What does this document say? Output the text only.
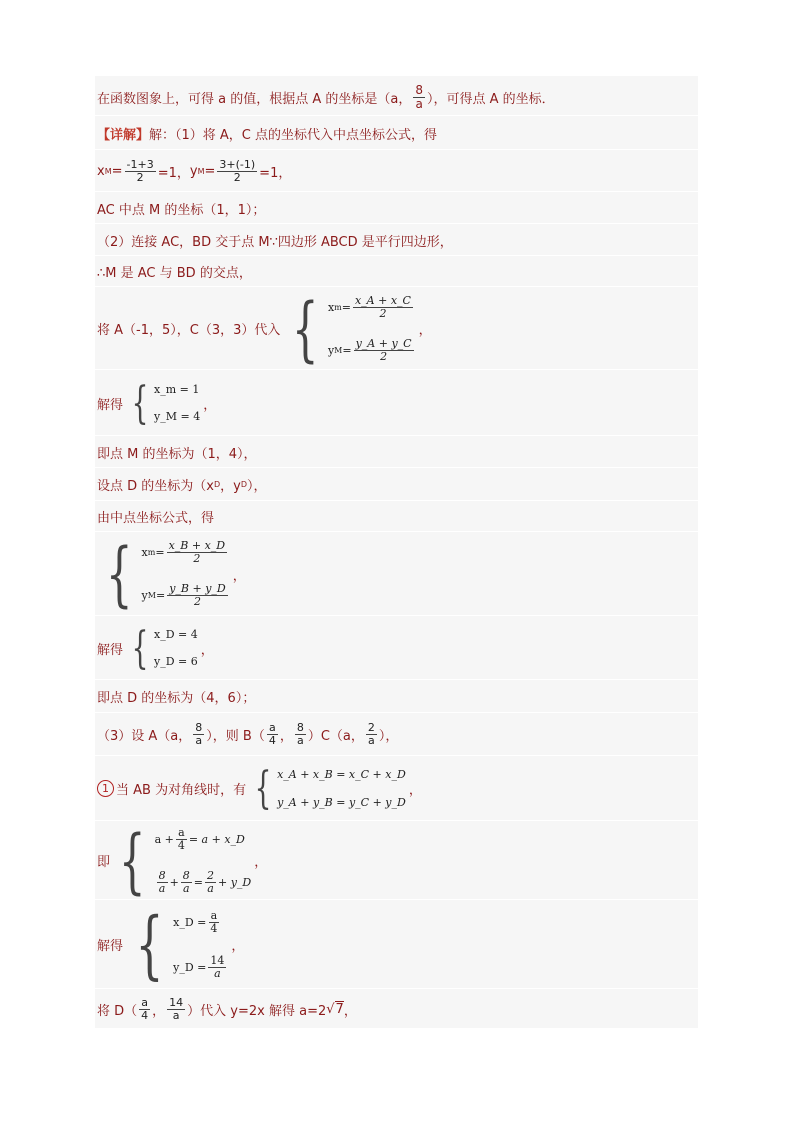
在函数图象上，可得 a 的值，根据点 A 的坐标是（a， $\frac{8}{a}$ ），可得点 A 的坐标．
【详解】 解：（1）将 A，C 点的坐标代入中点坐标公式，得
x $M = \frac{-1+3}{2} =1$， y $M = \frac{3+(-1)}{2} =1$，
AC 中点 M 的坐标（1，1）；
（2）连接 AC，BD 交于点 M∵四边形 ABCD 是平行四边形，
∴M 是 AC 与 BD 的交点，
将 A（-1，5），C（3，3）代入 { x $m = \frac{x\_A + x\_C}{2}$
y $M = \frac{y\_A + y\_C}{2}$
，
解得 { x_m = 1
y_M = 4
，
即点 M 的坐标为（1，4），
设点 D 的坐标为（x D ，y D ），
由中点坐标公式，得
{ x $m = \frac{x\_B + x\_D}{2}$
y $M = \frac{y\_B + y\_D}{2}$
，
解得 { x_D = 4
y_D = 6
，
即点 D 的坐标为（4，6）；
（3）设 A（a， $\frac{8}{a}$ ），则 $B( \frac{a}{4}$ ， $\frac{8}{a} )C(a$， $\frac{2}{a}$ ），
1 当 AB 为对角线时，有 { x_A + x_B = x_C + x_D
y_A + y_B = y_C + y_D
，
即 { $a + \frac{a}{4} = a$ + x_D
$\frac{8}{a} + \frac{8}{a} = \frac{2}{a}$ + y_D
，
解得 { x_D = $\frac{a}{4}$
y_D = $\frac{14}{a}$
，
将 $D( \frac{a}{4}$ ， $\frac{14}{a}$ ）代入 y=2x 解得 a=2 √ 7 ，
